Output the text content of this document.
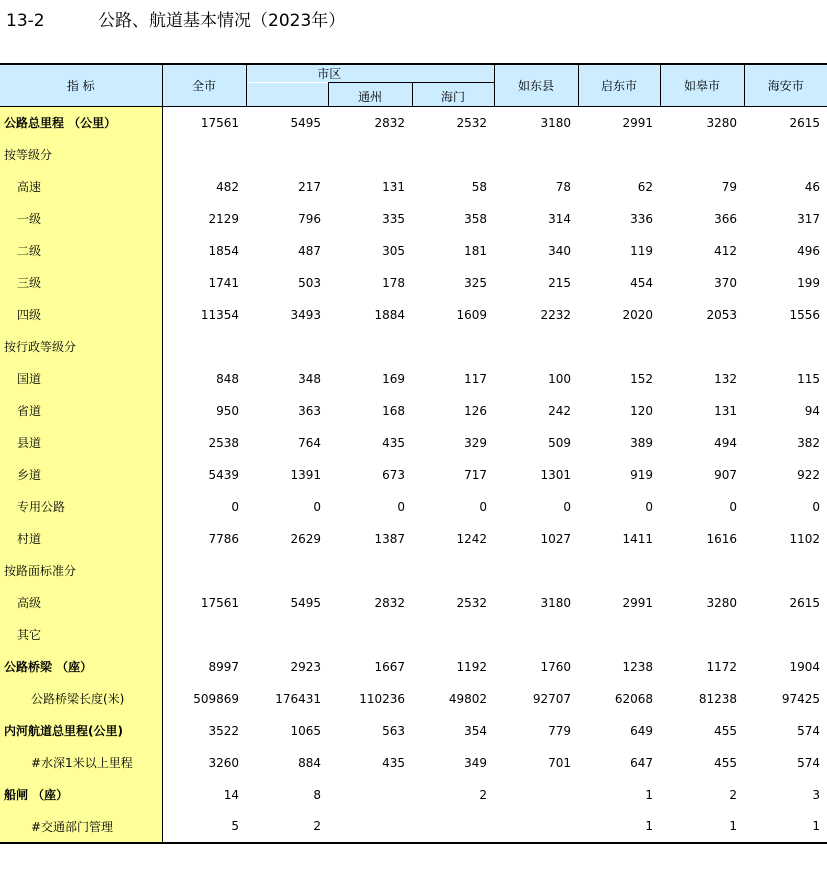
13-2	公路、航道基本情况（2023年）
指 标	全市	市区			如东县	启东市	如皋市	海安市
			通州	海门				
公路总里程 （公里）	17561	5495	2832	2532	3180	2991	3280	2615
按等级分								
高速	482	217	131	58	78	62	79	46
一级	2129	796	335	358	314	336	366	317
二级	1854	487	305	181	340	119	412	496
三级	1741	503	178	325	215	454	370	199
四级	11354	3493	1884	1609	2232	2020	2053	1556
按行政等级分								
国道	848	348	169	117	100	152	132	115
省道	950	363	168	126	242	120	131	94
县道	2538	764	435	329	509	389	494	382
乡道	5439	1391	673	717	1301	919	907	922
专用公路	0	0	0	0	0	0	0	0
村道	7786	2629	1387	1242	1027	1411	1616	1102
按路面标准分								
高级	17561	5495	2832	2532	3180	2991	3280	2615
其它								
公路桥梁 （座）	8997	2923	1667	1192	1760	1238	1172	1904
公路桥梁长度(米)	509869	176431	110236	49802	92707	62068	81238	97425
内河航道总里程(公里)	3522	1065	563	354	779	649	455	574
#水深1米以上里程	3260	884	435	349	701	647	455	574
船闸 （座）	14	8		2		1	2	3
#交通部门管理	5	2				1	1	1
